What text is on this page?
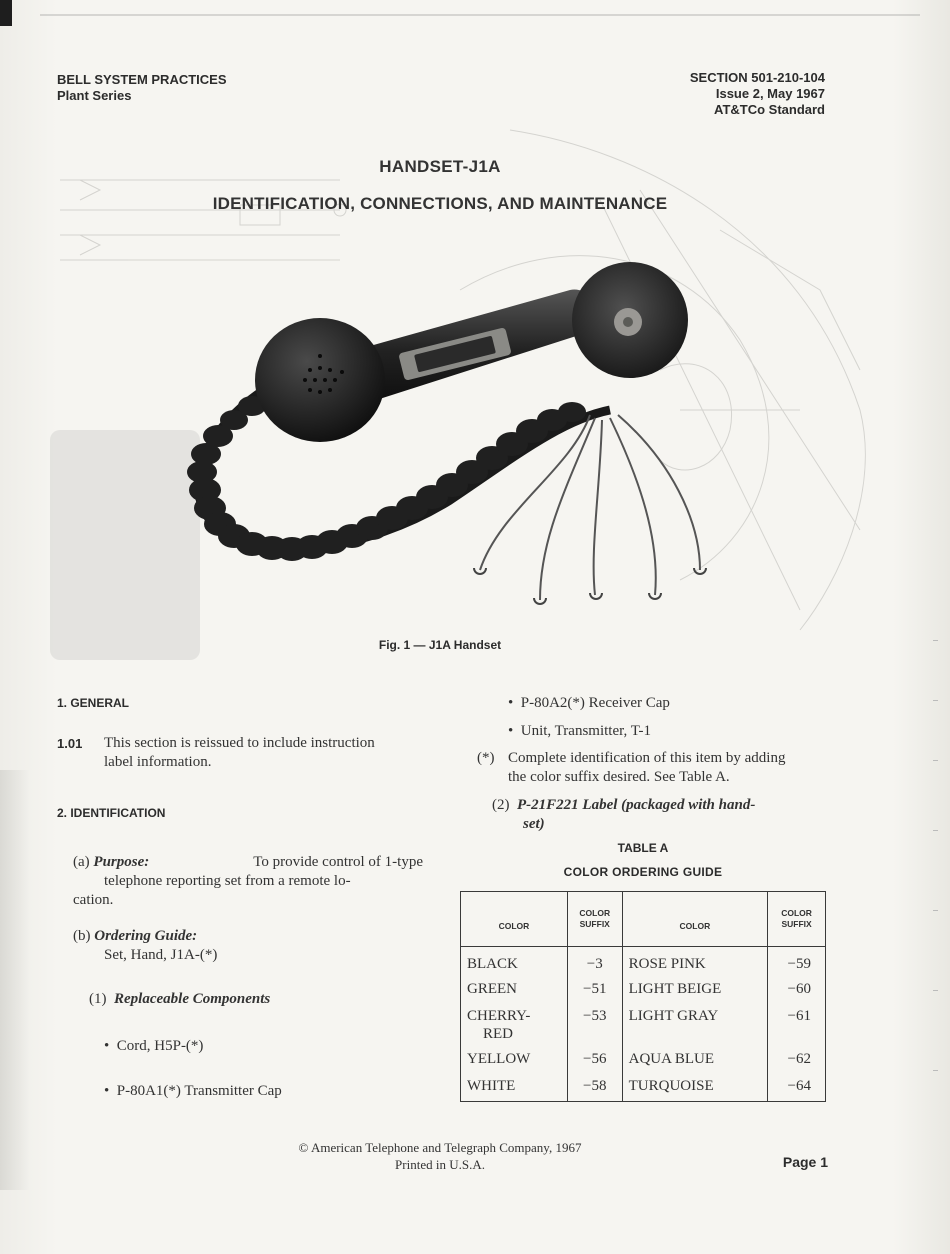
BELL SYSTEM PRACTICES
Plant Series
SECTION 501-210-104
Issue 2, May 1967
AT&TCo Standard
HANDSET-J1A
IDENTIFICATION, CONNECTIONS, AND MAINTENANCE
Fig. 1 — J1A Handset
1. GENERAL
1.01 This section is reissued to include instruction
label information.
2. IDENTIFICATION
(a) Purpose:	To provide control of 1-type
telephone reporting set from a remote lo-
cation.
(b) Ordering Guide:
Set, Hand, J1A-(*)
(1) Replaceable Components
•  Cord, H5P-(*)
•  P-80A1(*) Transmitter Cap
•  P-80A2(*) Receiver Cap
•  Unit, Transmitter, T-1
(*) Complete identification of this item by adding
the color suffix desired. See Table A.
(2) P-21F221 Label (packaged with hand-
set)
TABLE A
COLOR ORDERING GUIDE
COLOR	COLOR SUFFIX	COLOR	COLOR SUFFIX
BLACK	−3	ROSE PINK	−59
GREEN	−51	LIGHT BEIGE	−60

CHERRY-
RED	−53	LIGHT GRAY	−61
YELLOW	−56	AQUA BLUE	−62
WHITE	−58	TURQUOISE	−64
© American Telephone and Telegraph Company, 1967
Printed in U.S.A.	Page 1
